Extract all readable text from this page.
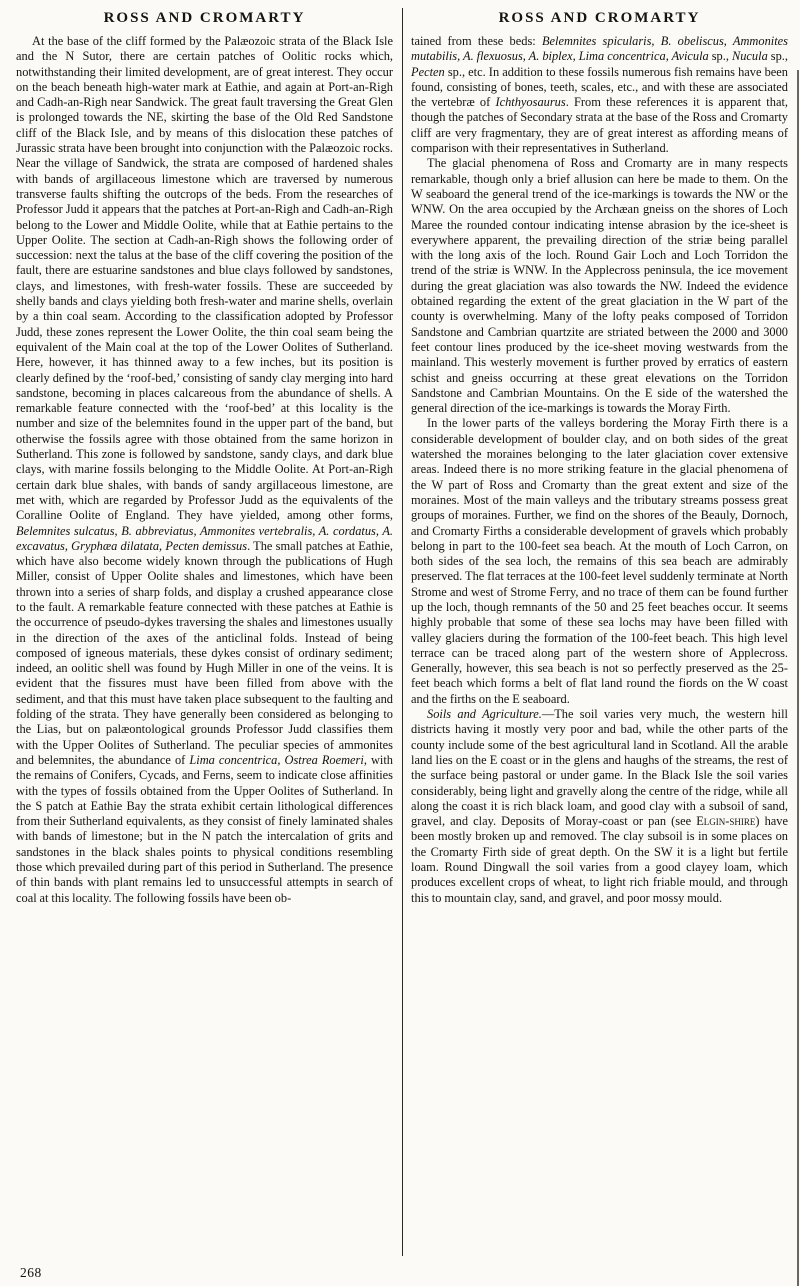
ROSS AND CROMARTY

At the base of the cliff formed by the Palæozoic strata of the Black Isle and the N Sutor, there are certain patches of Oolitic rocks which, notwithstanding their limited development, are of great interest. They occur on the beach beneath high-water mark at Eathie, and again at Port-an-Righ and Cadh-an-Righ near Sandwick. The great fault traversing the Great Glen is prolonged towards the NE, skirting the base of the Old Red Sandstone cliff of the Black Isle, and by means of this dislocation these patches of Jurassic strata have been brought into conjunction with the Palæozoic rocks. Near the village of Sandwick, the strata are composed of hardened shales with bands of argillaceous limestone which are traversed by numerous transverse faults shifting the outcrops of the beds. From the researches of Professor Judd it appears that the patches at Port-an-Righ and Cadh-an-Righ belong to the Lower and Middle Oolite, while that at Eathie pertains to the Upper Oolite. The section at Cadh-an-Righ shows the following order of succession: next the talus at the base of the cliff covering the position of the fault, there are estuarine sandstones and blue clays followed by sandstones, clays, and limestones, with fresh-water fossils. These are succeeded by shelly bands and clays yielding both fresh-water and marine shells, overlain by a thin coal seam. According to the classification adopted by Professor Judd, these zones represent the Lower Oolite, the thin coal seam being the equivalent of the Main coal at the top of the Lower Oolites of Sutherland. Here, however, it has thinned away to a few inches, but its position is clearly defined by the ‘roof-bed,’ consisting of sandy clay merging into hard sandstone, becoming in places calcareous from the abundance of shells. A remarkable feature connected with the ‘roof-bed’ at this locality is the number and size of the belemnites found in the upper part of the band, but otherwise the fossils agree with those obtained from the same horizon in Sutherland. This zone is followed by sandstone, sandy clays, and dark blue clays, with marine fossils belonging to the Middle Oolite. At Port-an-Righ certain dark blue shales, with bands of sandy argillaceous limestone, are met with, which are regarded by Professor Judd as the equivalents of the Coralline Oolite of England. They have yielded, among other forms, Belemnites sulcatus, B. abbreviatus, Ammonites vertebralis, A. cordatus, A. excavatus, Gryphæa dilatata, Pecten demissus. The small patches at Eathie, which have also become widely known through the publications of Hugh Miller, consist of Upper Oolite shales and limestones, which have been thrown into a series of sharp folds, and display a crushed appearance close to the fault. A remarkable feature connected with these patches at Eathie is the occurrence of pseudo-dykes traversing the shales and limestones usually in the direction of the axes of the anticlinal folds. Instead of being composed of igneous materials, these dykes consist of ordinary sediment; indeed, an oolitic shell was found by Hugh Miller in one of the veins. It is evident that the fissures must have been filled from above with the sediment, and that this must have taken place subsequent to the faulting and folding of the strata. They have generally been considered as belonging to the Lias, but on palæontological grounds Professor Judd classifies them with the Upper Oolites of Sutherland. The peculiar species of ammonites and belemnites, the abundance of Lima concentrica, Ostrea Roemeri, with the remains of Conifers, Cycads, and Ferns, seem to indicate close affinities with the types of fossils obtained from the Upper Oolites of Sutherland. In the S patch at Eathie Bay the strata exhibit certain lithological differences from their Sutherland equivalents, as they consist of finely laminated shales with bands of limestone; but in the N patch the intercalation of grits and sandstones in the black shales points to physical conditions resembling those which prevailed during part of this period in Sutherland. The presence of thin bands with plant remains led to unsuccessful attempts in search of coal at this locality. The following fossils have been ob-

ROSS AND CROMARTY

tained from these beds: Belemnites spicularis, B. obeliscus, Ammonites mutabilis, A. flexuosus, A. biplex, Lima concentrica, Avicula sp., Nucula sp., Pecten sp., etc. In addition to these fossils numerous fish remains have been found, consisting of bones, teeth, scales, etc., and with these are associated the vertebræ of Ichthyosaurus. From these references it is apparent that, though the patches of Secondary strata at the base of the Ross and Cromarty cliff are very fragmentary, they are of great interest as affording means of comparison with their representatives in Sutherland.

The glacial phenomena of Ross and Cromarty are in many respects remarkable, though only a brief allusion can here be made to them. On the W seaboard the general trend of the ice-markings is towards the NW or the WNW. On the area occupied by the Archæan gneiss on the shores of Loch Maree the rounded contour indicating intense abrasion by the ice-sheet is everywhere apparent, the prevailing direction of the striæ being parallel with the long axis of the loch. Round Gair Loch and Loch Torridon the trend of the striæ is WNW. In the Applecross peninsula, the ice movement during the great glaciation was also towards the NW. Indeed the evidence obtained regarding the extent of the great glaciation in the W part of the county is overwhelming. Many of the lofty peaks composed of Torridon Sandstone and Cambrian quartzite are striated between the 2000 and 3000 feet contour lines produced by the ice-sheet moving westwards from the mainland. This westerly movement is further proved by erratics of eastern schist and gneiss occurring at these great elevations on the Torridon Sandstone and Cambrian Mountains. On the E side of the watershed the general direction of the ice-markings is towards the Moray Firth.

In the lower parts of the valleys bordering the Moray Firth there is a considerable development of boulder clay, and on both sides of the great watershed the moraines belonging to the later glaciation cover extensive areas. Indeed there is no more striking feature in the glacial phenomena of the W part of Ross and Cromarty than the great extent and size of the moraines. Most of the main valleys and the tributary streams possess great groups of moraines. Further, we find on the shores of the Beauly, Dornoch, and Cromarty Firths a considerable development of gravels which probably belong in part to the 100-feet sea beach. At the mouth of Loch Carron, on both sides of the sea loch, the remains of this sea beach are admirably preserved. The flat terraces at the 100-feet level suddenly terminate at North Strome and west of Strome Ferry, and no trace of them can be found further up the loch, though remnants of the 50 and 25 feet beaches occur. It seems highly probable that some of these sea lochs may have been filled with valley glaciers during the formation of the 100-feet beach. This high level terrace can be traced along part of the western shore of Applecross. Generally, however, this sea beach is not so perfectly preserved as the 25-feet beach which forms a belt of flat land round the fiords on the W coast and the firths on the E seaboard.

Soils and Agriculture.—The soil varies very much, the western hill districts having it mostly very poor and bad, while the other parts of the county include some of the best agricultural land in Scotland. All the arable land lies on the E coast or in the glens and haughs of the streams, the rest of the surface being pastoral or under game. In the Black Isle the soil varies considerably, being light and gravelly along the centre of the ridge, while all along the coast it is rich black loam, and good clay with a subsoil of sand, gravel, and clay. Deposits of Moray-coast or pan (see Elgin-shire) have been mostly broken up and removed. The clay subsoil is in some places on the Cromarty Firth side of great depth. On the SW it is a light but fertile loam. Round Dingwall the soil varies from a good clayey loam, which produces excellent crops of wheat, to light rich friable mould, and through this to mountain clay, sand, and gravel, and poor mossy mould.

268
